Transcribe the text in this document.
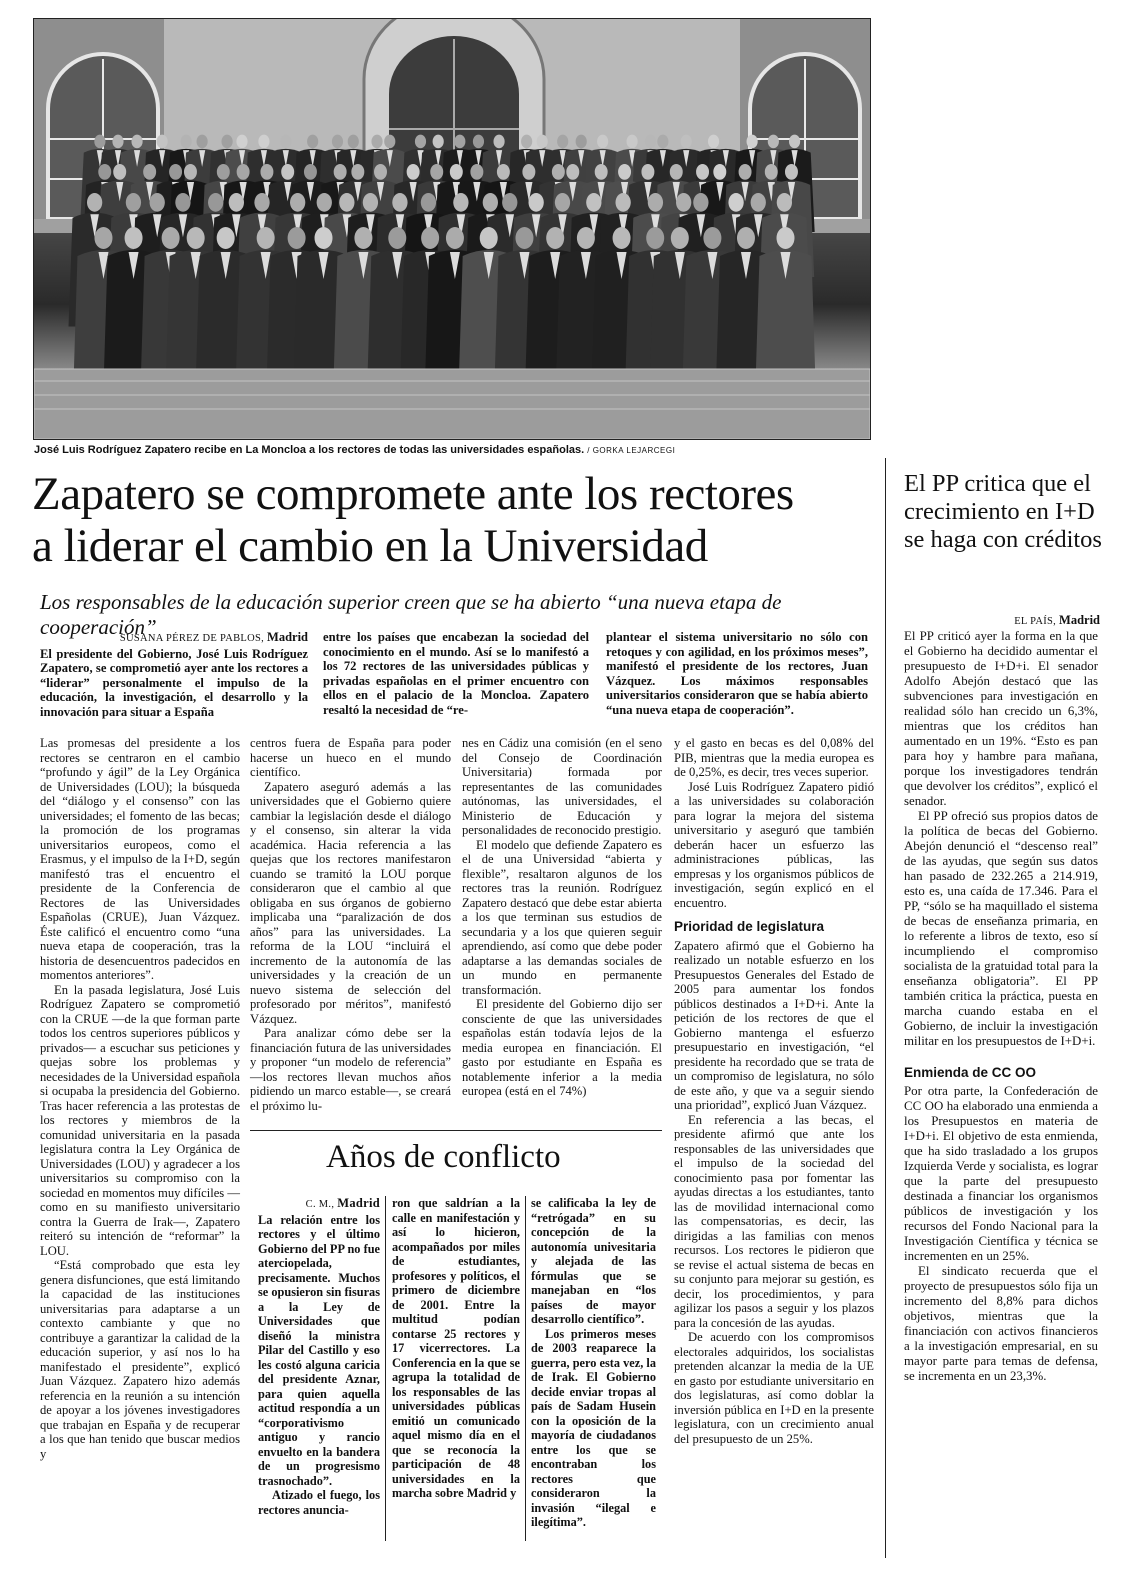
José Luis Rodríguez Zapatero recibe en La Moncloa a los rectores de todas las universidades españolas. / GORKA LEJARCEGI
Zapatero se compromete ante los rectores
a liderar el cambio en la Universidad

Los responsables de la educación superior creen que se ha abierto “una nueva etapa de cooperación”

SUSANA PÉREZ DE PABLOS, Madrid
El presidente del Gobierno, José Luis Rodríguez Zapatero, se comprometió ayer ante los rectores a “liderar” personalmente el impulso de la educación, la investigación, el desarrollo y la innovación para situar a España
entre los países que encabezan la sociedad del conocimiento en el mundo. Así se lo manifestó a los 72 rectores de las universidades públicas y privadas españolas en el primer encuentro con ellos en el palacio de la Moncloa. Zapatero resaltó la necesidad de “re-
plantear el sistema universitario no sólo con retoques y con agilidad, en los próximos meses”, manifestó el presidente de los rectores, Juan Vázquez. Los máximos responsables universitarios consideraron que se había abierto “una nueva etapa de cooperación”.

Las promesas del presidente a los rectores se centraron en el cambio “profundo y ágil” de la Ley Orgánica de Universidades (LOU); la búsqueda del “diálogo y el consenso” con las universidades; el fomento de las becas; la promoción de los programas universitarios europeos, como el Erasmus, y el impulso de la I+D, según manifestó tras el encuentro el presidente de la Conferencia de Rectores de las Universidades Españolas (CRUE), Juan Vázquez. Éste calificó el encuentro como “una nueva etapa de cooperación, tras la historia de desencuentros padecidos en momentos anteriores”.

En la pasada legislatura, José Luis Rodríguez Zapatero se comprometió con la CRUE —de la que forman parte todos los centros superiores públicos y privados— a escuchar sus peticiones y quejas sobre los problemas y necesidades de la Universidad española si ocupaba la presidencia del Gobierno. Tras hacer referencia a las protestas de los rectores y miembros de la comunidad universitaria en la pasada legislatura contra la Ley Orgánica de Universidades (LOU) y agradecer a los universitarios su compromiso con la sociedad en momentos muy difíciles —como en su manifiesto universitario contra la Guerra de Irak—, Zapatero reiteró su intención de “reformar” la LOU.

“Está comprobado que esta ley genera disfunciones, que está limitando la capacidad de las instituciones universitarias para adaptarse a un contexto cambiante y que no contribuye a garantizar la calidad de la educación superior, y así nos lo ha manifestado el presidente”, explicó Juan Vázquez. Zapatero hizo además referencia en la reunión a su intención de apoyar a los jóvenes investigadores que trabajan en España y de recuperar a los que han tenido que buscar medios y

centros fuera de España para poder hacerse un hueco en el mundo científico.

Zapatero aseguró además a las universidades que el Gobierno quiere cambiar la legislación desde el diálogo y el consenso, sin alterar la vida académica. Hacia referencia a las quejas que los rectores manifestaron cuando se tramitó la LOU porque consideraron que el cambio al que obligaba en sus órganos de gobierno implicaba una “paralización de dos años” para las universidades. La reforma de la LOU “incluirá el incremento de la autonomía de las universidades y la creación de un nuevo sistema de selección del profesorado por méritos”, manifestó Vázquez.

Para analizar cómo debe ser la financiación futura de las universidades y proponer “un modelo de referencia” —los rectores llevan muchos años pidiendo un marco estable—, se creará el próximo lu-

nes en Cádiz una comisión (en el seno del Consejo de Coordinación Universitaria) formada por representantes de las comunidades autónomas, las universidades, el Ministerio de Educación y personalidades de reconocido prestigio.

El modelo que defiende Zapatero es el de una Universidad “abierta y flexible”, resaltaron algunos de los rectores tras la reunión. Rodríguez Zapatero destacó que debe estar abierta a los que terminan sus estudios de secundaria y a los que quieren seguir aprendiendo, así como que debe poder adaptarse a las demandas sociales de un mundo en permanente transformación.

El presidente del Gobierno dijo ser consciente de que las universidades españolas están todavía lejos de la media europea en financiación. El gasto por estudiante en España es notablemente inferior a la media europea (está en el 74%)

y el gasto en becas es del 0,08% del PIB, mientras que la media europea es de 0,25%, es decir, tres veces superior.

José Luis Rodríguez Zapatero pidió a las universidades su colaboración para lograr la mejora del sistema universitario y aseguró que también deberán hacer un esfuerzo las administraciones públicas, las empresas y los organismos públicos de investigación, según explicó en el encuentro.

Prioridad de legislatura

Zapatero afirmó que el Gobierno ha realizado un notable esfuerzo en los Presupuestos Generales del Estado de 2005 para aumentar los fondos públicos destinados a I+D+i. Ante la petición de los rectores de que el Gobierno mantenga el esfuerzo presupuestario en investigación, “el presidente ha recordado que se trata de un compromiso de legislatura, no sólo de este año, y que va a seguir siendo una prioridad”, explicó Juan Vázquez.

En referencia a las becas, el presidente afirmó que ante los responsables de las universidades que el impulso de la sociedad del conocimiento pasa por fomentar las ayudas directas a los estudiantes, tanto las de movilidad internacional como las compensatorias, es decir, las dirigidas a las familias con menos recursos. Los rectores le pidieron que se revise el actual sistema de becas en su conjunto para mejorar su gestión, es decir, los procedimientos, y para agilizar los pasos a seguir y los plazos para la concesión de las ayudas.

De acuerdo con los compromisos electorales adquiridos, los socialistas pretenden alcanzar la media de la UE en gasto por estudiante universitario en dos legislaturas, así como doblar la inversión pública en I+D en la presente legislatura, con un crecimiento anual del presupuesto de un 25%.

Años de conflicto
C. M., Madrid

La relación entre los rectores y el último Gobierno del PP no fue aterciopelada, precisamente. Muchos se opusieron sin fisuras a la Ley de Universidades que diseñó la ministra Pilar del Castillo y eso les costó alguna caricia del presidente Aznar, para quien aquella actitud respondía a un “corporativismo antiguo y rancio envuelto en la bandera de un progresismo trasnochado”.

Atizado el fuego, los rectores anuncia-

ron que saldrían a la calle en manifestación y así lo hicieron, acompañados por miles de estudiantes, profesores y políticos, el primero de diciembre de 2001. Entre la multitud podían contarse 25 rectores y 17 vicerrectores. La Conferencia en la que se agrupa la totalidad de los responsables de las universidades públicas emitió un comunicado aquel mismo día en el que se reconocía la participación de 48 universidades en la marcha sobre Madrid y

se calificaba la ley de “retrógada” en su concepción de la autonomía univesitaria y alejada de las fórmulas que se manejaban en “los países de mayor desarrollo científico”.

Los primeros meses de 2003 reaparece la guerra, pero esta vez, la de Irak. El Gobierno decide enviar tropas al país de Sadam Husein con la oposición de la mayoría de ciudadanos entre los que se encontraban los rectores que consideraron la invasión “ilegal e ilegítima”.

El PP critica que el crecimiento en I+D se haga con créditos
EL PAÍS, Madrid

El PP criticó ayer la forma en la que el Gobierno ha decidido aumentar el presupuesto de I+D+i. El senador Adolfo Abejón destacó que las subvenciones para investigación en realidad sólo han crecido un 6,3%, mientras que los créditos han aumentado en un 19%. “Esto es pan para hoy y hambre para mañana, porque los investigadores tendrán que devolver los créditos”, explicó el senador.

El PP ofreció sus propios datos de la política de becas del Gobierno. Abejón denunció el “descenso real” de las ayudas, que según sus datos han pasado de 232.265 a 214.919, esto es, una caída de 17.346. Para el PP, “sólo se ha maquillado el sistema de becas de enseñanza primaria, en lo referente a libros de texto, eso sí incumpliendo el compromiso socialista de la gratuidad total para la enseñanza obligatoria”. El PP también critica la práctica, puesta en marcha cuando estaba en el Gobierno, de incluir la investigación militar en los presupuestos de I+D+i.

Enmienda de CC OO

Por otra parte, la Confederación de CC OO ha elaborado una enmienda a los Presupuestos en materia de I+D+i. El objetivo de esta enmienda, que ha sido trasladado a los grupos Izquierda Verde y socialista, es lograr que la parte del presupuesto destinada a financiar los organismos públicos de investigación y los recursos del Fondo Nacional para la Investigación Científica y técnica se incrementen en un 25%.

El sindicato recuerda que el proyecto de presupuestos sólo fija un incremento del 8,8% para dichos objetivos, mientras que la financiación con activos financieros a la investigación empresarial, en su mayor parte para temas de defensa, se incrementa en un 23,3%.
